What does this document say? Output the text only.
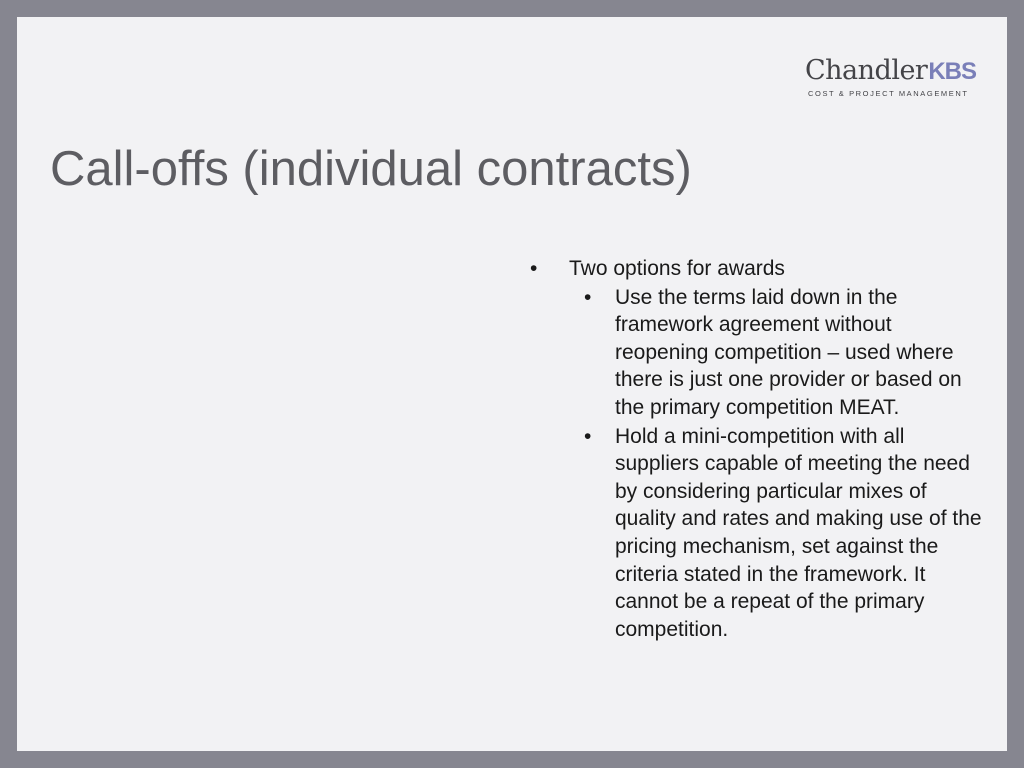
ChandlerKBS
COST & PROJECT MANAGEMENT
Call-offs (individual contracts)
•	Two options for awards
•	Use the terms laid down in the framework agreement without reopening competition – used where there is just one provider or based on the primary competition MEAT.
•	Hold a mini-competition with all suppliers capable of meeting the need by considering particular mixes of quality and rates and making use of the pricing mechanism, set against the criteria stated in the framework. It cannot be a repeat of the primary competition.
